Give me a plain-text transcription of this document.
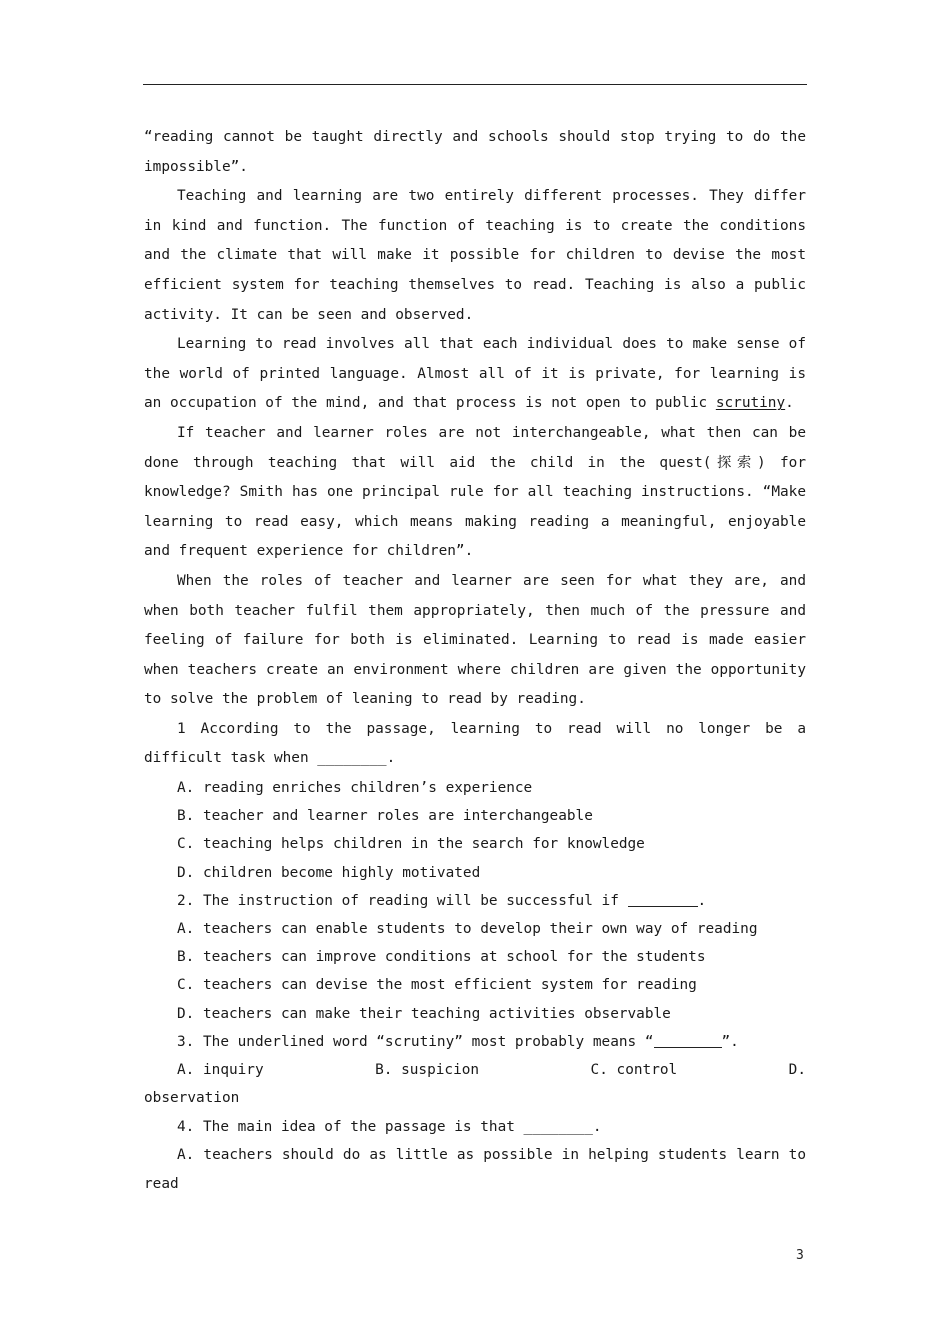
“reading cannot be taught directly and schools should stop trying to do the impossible”.

Teaching and learning are two entirely different processes. They differ in kind and function. The function of teaching is to create the conditions and the climate that will make it possible for children to devise the most efficient system for teaching themselves to read. Teaching is also a public activity. It can be seen and observed.

Learning to read involves all that each individual does to make sense of the world of printed language. Almost all of it is private, for learning is an occupation of the mind, and that process is not open to public scrutiny.

If teacher and learner roles are not interchangeable, what then can be done through teaching that will aid the child in the quest(探索) for knowledge? Smith has one principal rule for all teaching instructions. “Make learning to read easy, which means making reading a meaningful, enjoyable and frequent experience for children”.

When the roles of teacher and learner are seen for what they are, and when both teacher fulfil them appropriately, then much of the pressure and feeling of failure for both is eliminated. Learning to read is made easier when teachers create an environment where children are given the opportunity to solve the problem of leaning to read by reading.

1 According to the passage, learning to read will no longer be a difficult task when ________.

A. reading enriches children’s experience

B. teacher and learner roles are interchangeable

C. teaching helps children in the search for knowledge

D. children become highly motivated

2. The instruction of reading will be successful if	.

A. teachers can enable students to develop their own way of reading

B. teachers can improve conditions at school for the students

C. teachers can devise the most efficient system for reading

D. teachers can make their teaching activities observable

3. The underlined word “scrutiny” most probably means “	”.

A. inquiry	B. suspicion	C. control	D.

observation

4. The main idea of the passage is that ________.

A. teachers should do as little as possible in helping students learn to read

3
